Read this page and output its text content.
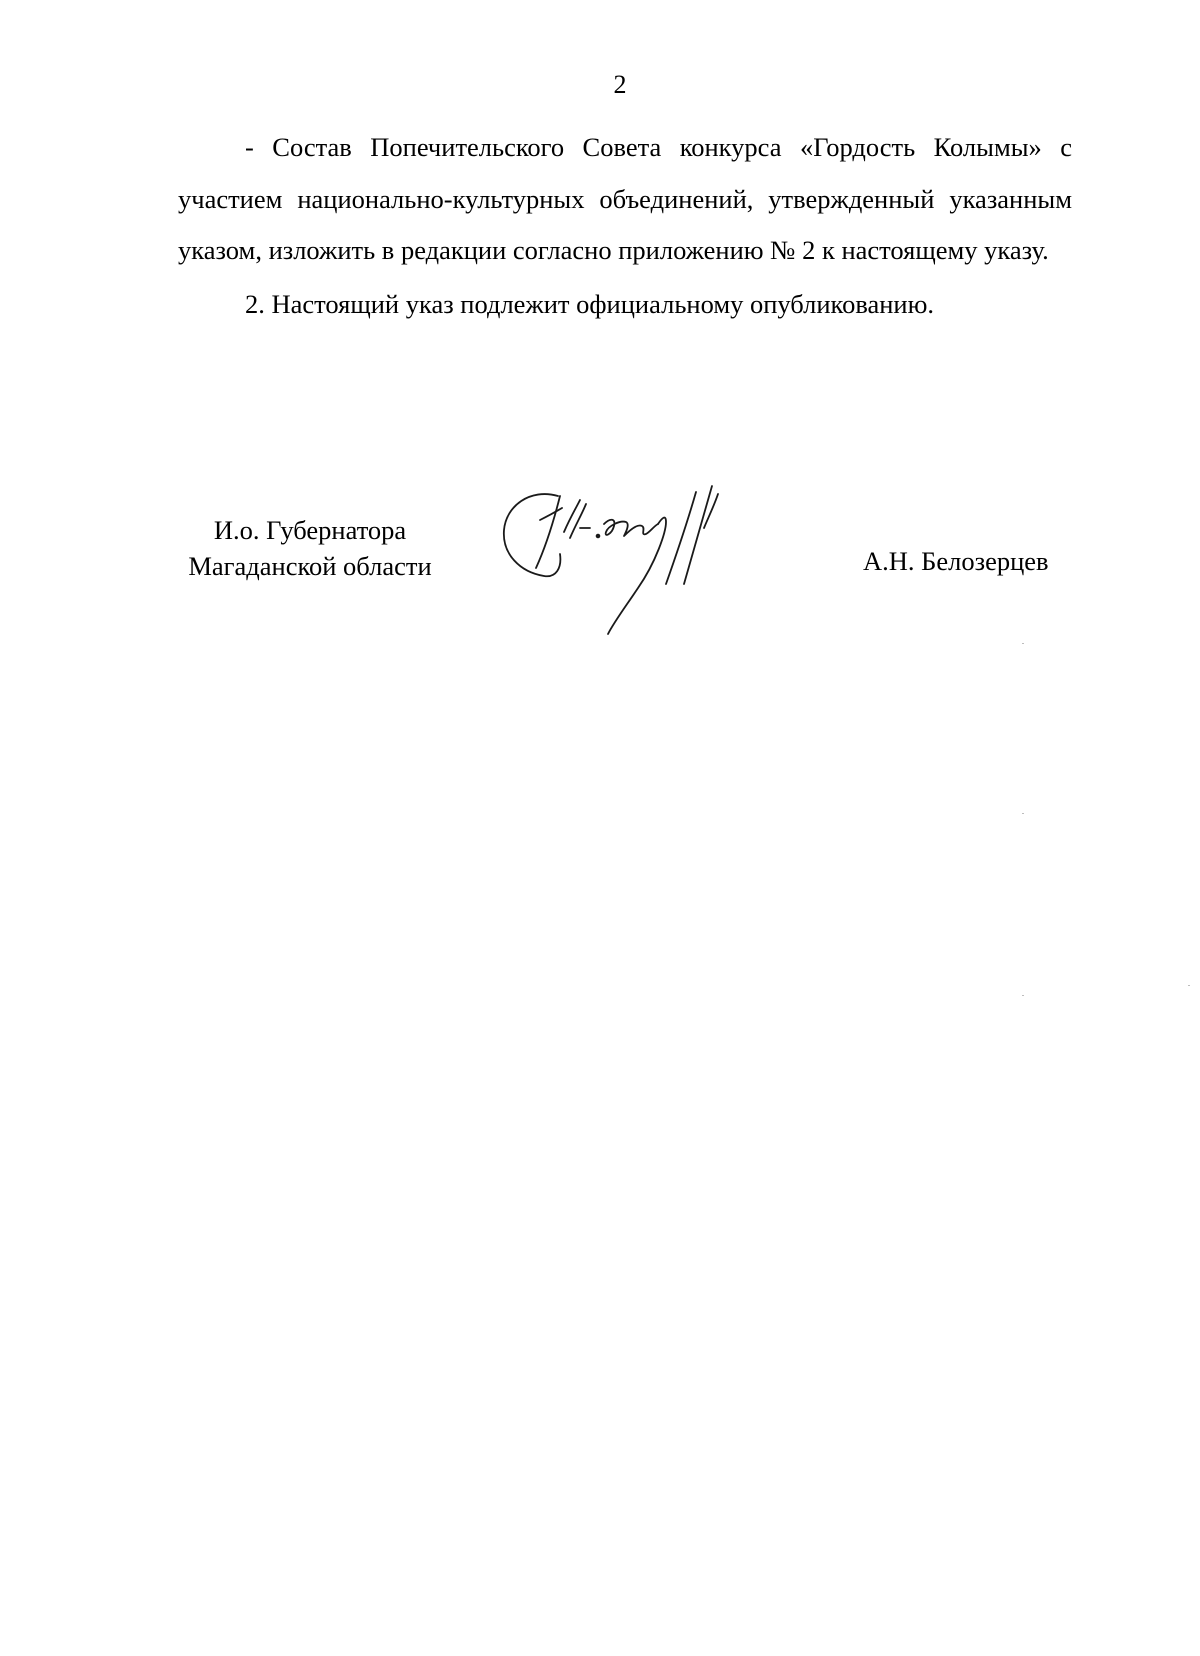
2

- Состав Попечительского Совета конкурса «Гордость Колымы» с участием национально-культурных объединений, утвержденный указанным указом, изложить в редакции согласно приложению № 2 к настоящему указу.

2. Настоящий указ подлежит официальному опубликованию.

И.о. Губернатора
Магаданской области	А.Н. Белозерцев
